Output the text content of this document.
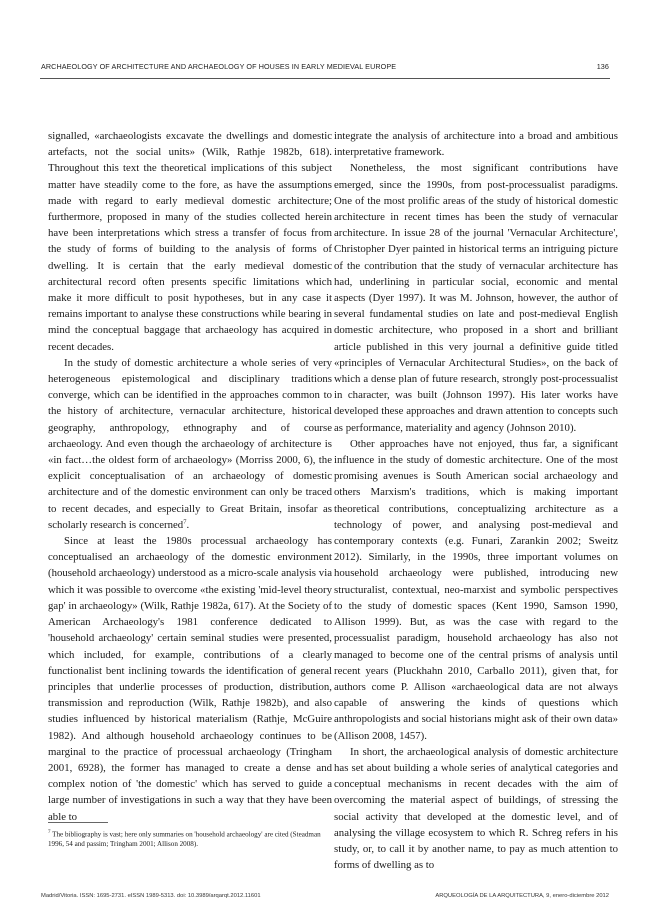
ARCHAEOLOGY OF ARCHITECTURE AND ARCHAEOLOGY OF HOUSES IN EARLY MEDIEVAL EUROPE	136

signalled, «archaeologists excavate the dwellings and domestic artefacts, not the social units» (Wilk, Rathje 1982b, 618). Throughout this text the theoretical implications of this subject matter have steadily come to the fore, as have the assumptions made with regard to early medieval domestic architecture; furthermore, proposed in many of the studies collected herein have been interpretations which stress a transfer of focus from the study of forms of building to the analysis of forms of dwelling. It is certain that the early medieval domestic architectural record often presents specific limitations which make it more difficult to posit hypotheses, but in any case it remains important to analyse these constructions while bearing in mind the conceptual baggage that archaeology has acquired in recent decades.

In the study of domestic architecture a whole series of very heterogeneous epistemological and disciplinary traditions converge, which can be identified in the approaches common to the history of architecture, vernacular architecture, historical geography, anthropology, ethnography and of course archaeology. And even though the archaeology of architecture is «in fact…the oldest form of archaeology» (Morriss 2000, 6), the explicit conceptualisation of an archaeology of domestic architecture and of the domestic environment can only be traced to recent decades, and especially to Great Britain, insofar as scholarly research is concerned$^7$.

Since at least the 1980s processual archaeology has conceptualised an archaeology of the domestic environment (household archaeology) understood as a micro-scale analysis via which it was possible to overcome «the existing 'mid-level theory gap' in archaeology» (Wilk, Rathje 1982a, 617). At the Society of American Archaeology's 1981 conference dedicated to 'household archaeology' certain seminal studies were presented, which included, for example, contributions of a clearly functionalist bent inclining towards the identification of general principles that underlie processes of production, distribution, transmission and reproduction (Wilk, Rathje 1982b), and also studies influenced by historical materialism (Rathje, McGuire 1982). And although household archaeology continues to be marginal to the practice of processual archaeology (Tringham 2001, 6928), the former has managed to create a dense and complex notion of 'the domestic' which has served to guide a large number of investigations in such a way that they have been able to

integrate the analysis of architecture into a broad and ambitious interpretative framework.

Nonetheless, the most significant contributions have emerged, since the 1990s, from post-processualist paradigms. One of the most prolific areas of the study of historical domestic architecture in recent times has been the study of vernacular architecture. In issue 28 of the journal 'Vernacular Architecture', Christopher Dyer painted in historical terms an intriguing picture of the contribution that the study of vernacular architecture has had, underlining in particular social, economic and mental aspects (Dyer 1997). It was M. Johnson, however, the author of several fundamental studies on late and post-medieval English domestic architecture, who proposed in a short and brilliant article published in this very journal a definitive guide titled «principles of Vernacular Architectural Studies», on the back of which a dense plan of future research, strongly post-processualist in character, was built (Johnson 1997). His later works have developed these approaches and drawn attention to concepts such as performance, materiality and agency (Johnson 2010).

Other approaches have not enjoyed, thus far, a significant influence in the study of domestic architecture. One of the most promising avenues is South American social archaeology and others Marxism's traditions, which is making important theoretical contributions, conceptualizing architecture as a technology of power, and analysing post-medieval and contemporary contexts (e.g. Funari, Zarankin 2002; Sweitz 2012). Similarly, in the 1990s, three important volumes on household archaeology were published, introducing new structuralist, contextual, neo-marxist and symbolic perspectives to the study of domestic spaces (Kent 1990, Samson 1990, Allison 1999). But, as was the case with regard to the processualist paradigm, household archaeology has also not managed to become one of the central prisms of analysis until recent years (Pluckhahn 2010, Carballo 2011), given that, for authors come P. Allison «archaeological data are not always capable of answering the kinds of questions which anthropologists and social historians might ask of their own data» (Allison 2008, 1457).

In short, the archaeological analysis of domestic architecture has set about building a whole series of analytical categories and conceptual mechanisms in recent decades with the aim of overcoming the material aspect of buildings, of stressing the social activity that developed at the domestic level, and of analysing the village ecosystem to which R. Schreg refers in his study, or, to call it by another name, to pay as much attention to forms of dwelling as to

$^7$ The bibliography is vast; here only summaries on 'household archaeology' are cited (Steadman 1996, 54 and passim; Tringham 2001; Allison 2008).
Madrid/Vitoria. ISSN: 1695-2731. eISSN 1989-5313. doi: 10.3989/arqarqt.2012.11601	ARQUEOLOGÍA DE LA ARQUITECTURA, 9, enero-diciembre 2012
